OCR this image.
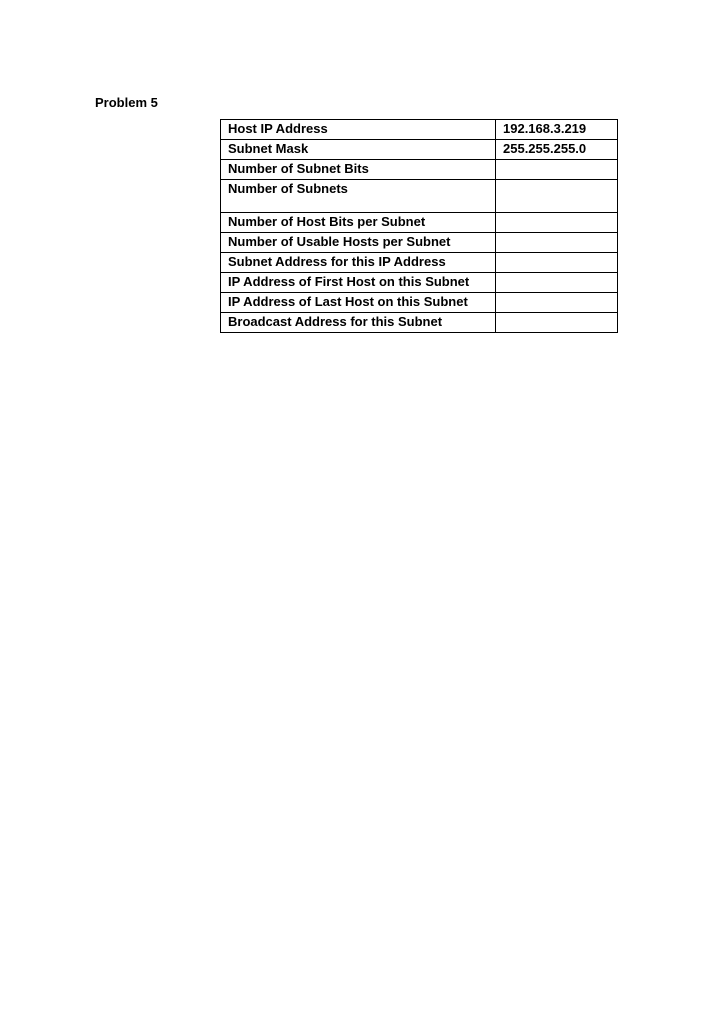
Problem 5
Host IP Address	192.168.3.219
Subnet Mask	255.255.255.0
Number of Subnet Bits	
Number of Subnets	
Number of Host Bits per Subnet	
Number of Usable Hosts per Subnet	
Subnet Address for this IP Address	
IP Address of First Host on this Subnet	
IP Address of Last Host on this Subnet	
Broadcast Address for this Subnet	
